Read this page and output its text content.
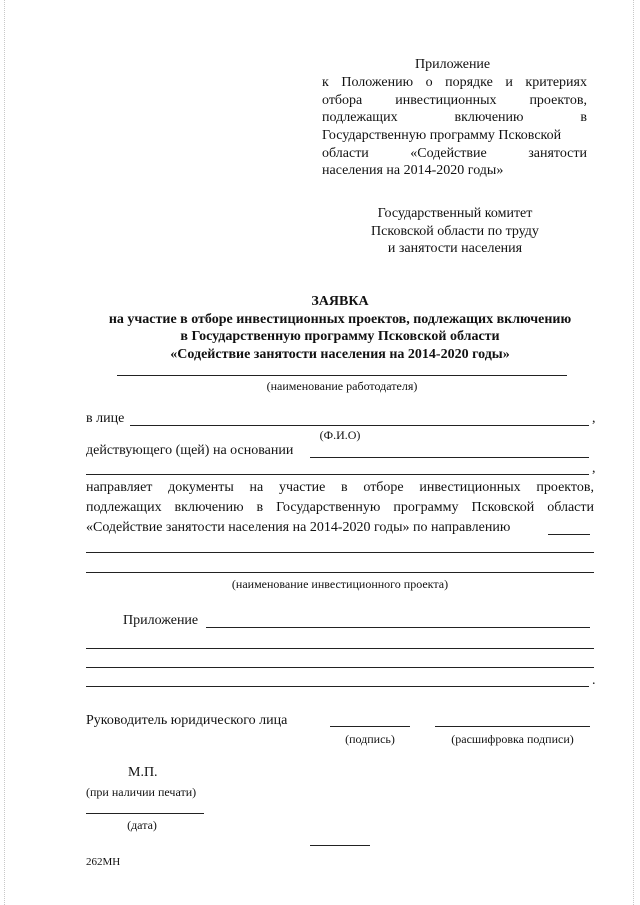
Приложение
к Положению о порядке и критериях
отбора инвестиционных проектов,
подлежащих	включению	в
Государственную программу Псковской
области	«Содействие	занятости
населения на 2014-2020 годы»
Государственный комитет
Псковской области по труду
и занятости населения
ЗАЯВКА
на участие в отборе инвестиционных проектов, подлежащих включению
в Государственную программу Псковской области
«Содействие занятости населения на 2014-2020 годы»
(наименование работодателя)
в лице	,
(Ф.И.О)
действующего (щей) на основании
,
направляет документы на участие в отборе инвестиционных проектов,
подлежащих включению в Государственную программу Псковской области
«Содействие занятости населения на 2014-2020 годы» по направлению
(наименование инвестиционного проекта)
Приложение
.
Руководитель юридического лица
(подпись)	(расшифровка подписи)
М.П.
(при наличии печати)
(дата)
262МН
